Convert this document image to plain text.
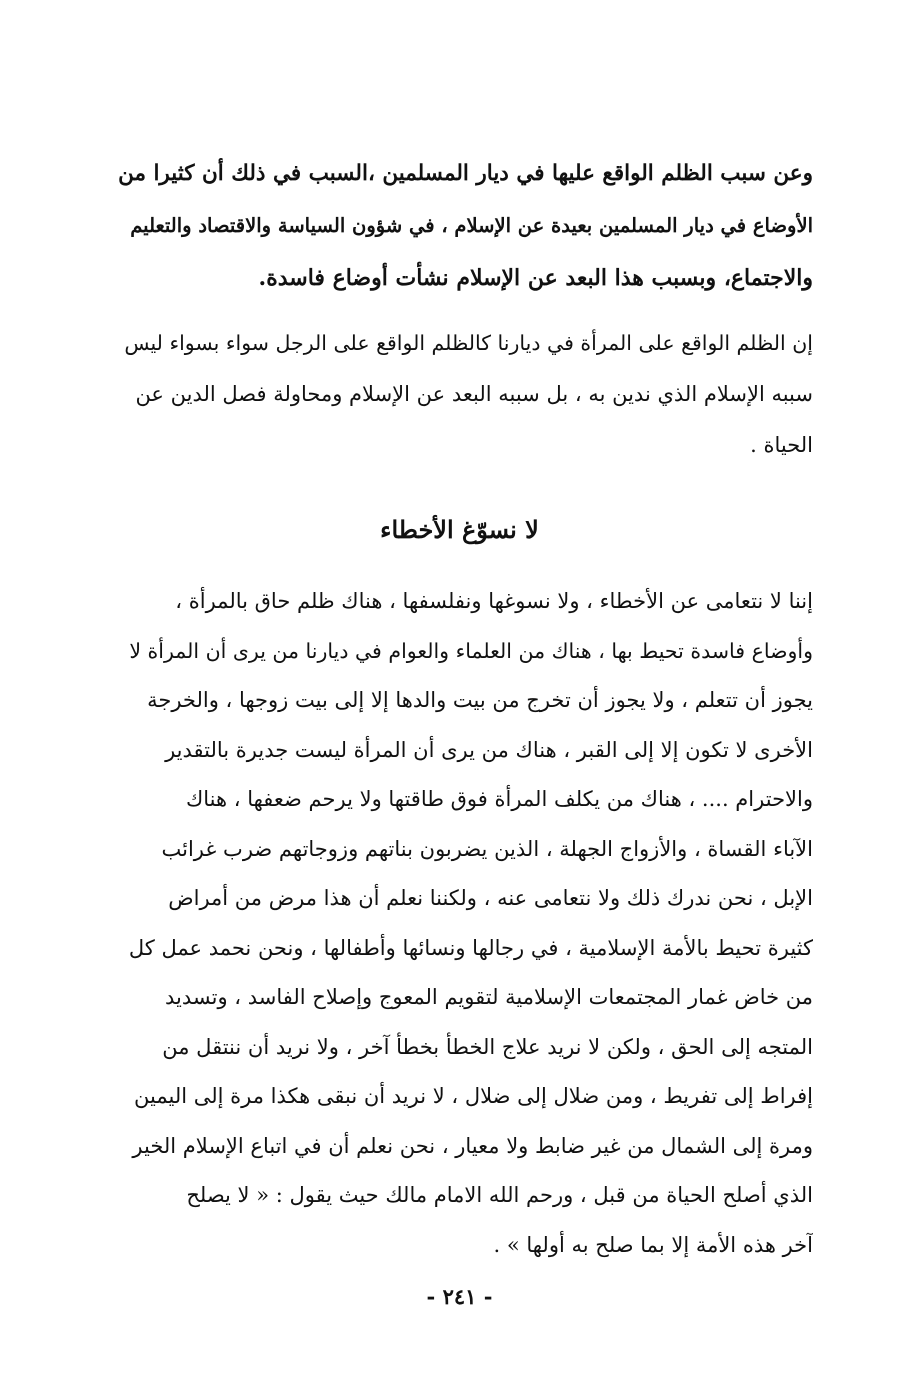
وعن سبب الظلم الواقع عليها في ديار المسلمين ،السبب في ذلك أن كثيرا من
الأوضاع في ديار المسلمين بعيدة عن الإسلام ، في شؤون السياسة والاقتصاد والتعليم
والاجتماع، وبسبب هذا البعد عن الإسلام نشأت أوضاع فاسدة.
إن الظلم الواقع على المرأة في ديارنا كالظلم الواقع على الرجل سواء بسواء ليس
سببه الإسلام الذي ندين به ، بل سببه البعد عن الإسلام ومحاولة فصل الدين عن
الحياة .
لا نسوّغ الأخطاء
إننا لا نتعامى عن الأخطاء ، ولا نسوغها ونفلسفها ، هناك ظلم حاق بالمرأة ،
وأوضاع فاسدة تحيط بها ، هناك من العلماء والعوام في ديارنا من يرى أن المرأة لا
يجوز أن تتعلم ، ولا يجوز أن تخرج من بيت والدها إلا إلى بيت زوجها ، والخرجة
الأخرى لا تكون إلا إلى القبر ، هناك من يرى أن المرأة ليست جديرة بالتقدير
والاحترام .... ، هناك من يكلف المرأة فوق طاقتها ولا يرحم ضعفها ، هناك
الآباء القساة ، والأزواج الجهلة ، الذين يضربون بناتهم وزوجاتهم ضرب غرائب
الإبل ، نحن ندرك ذلك ولا نتعامى عنه ، ولكننا نعلم أن هذا مرض من أمراض
كثيرة تحيط بالأمة الإسلامية ، في رجالها ونسائها وأطفالها ، ونحن نحمد عمل كل
من خاض غمار المجتمعات الإسلامية لتقويم المعوج وإصلاح الفاسد ، وتسديد
المتجه إلى الحق ، ولكن لا نريد علاج الخطأ بخطأ آخر ، ولا نريد أن ننتقل من
إفراط إلى تفريط ، ومن ضلال إلى ضلال ، لا نريد أن نبقى هكذا مرة إلى اليمين
ومرة إلى الشمال من غير ضابط ولا معيار ، نحن نعلم أن في اتباع الإسلام الخير
الذي أصلح الحياة من قبل ، ورحم الله الامام مالك حيث يقول : « لا يصلح
آخر هذه الأمة إلا بما صلح به أولها » .
- ٢٤١ -
